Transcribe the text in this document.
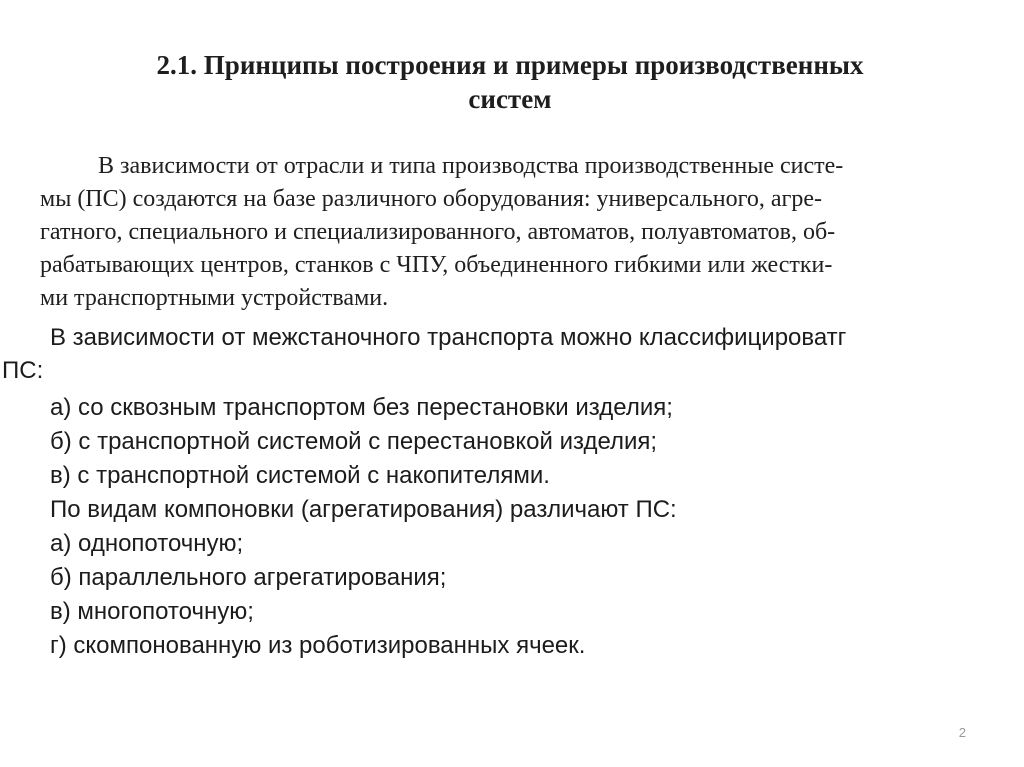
2.1. Принципы построения и примеры производственных
систем
В зависимости от отрасли и типа производства производственные систе-
мы (ПС) создаются на базе различного оборудования: универсального, агре-
гатного, специального и специализированного, автоматов, полуавтоматов, об-
рабатывающих центров, станков с ЧПУ, объединенного гибкими или жестки-
ми транспортными устройствами.
В зависимости от межстаночного транспорта можно классифицироватг
ПС:
а) со сквозным транспортом без перестановки изделия;
б) с транспортной системой с перестановкой изделия;
в) с транспортной системой с накопителями.
По видам компоновки (агрегатирования) различают ПС:
а) однопоточную;
б) параллельного агрегатирования;
в) многопоточную;
г) скомпонованную из роботизированных ячеек.
2
